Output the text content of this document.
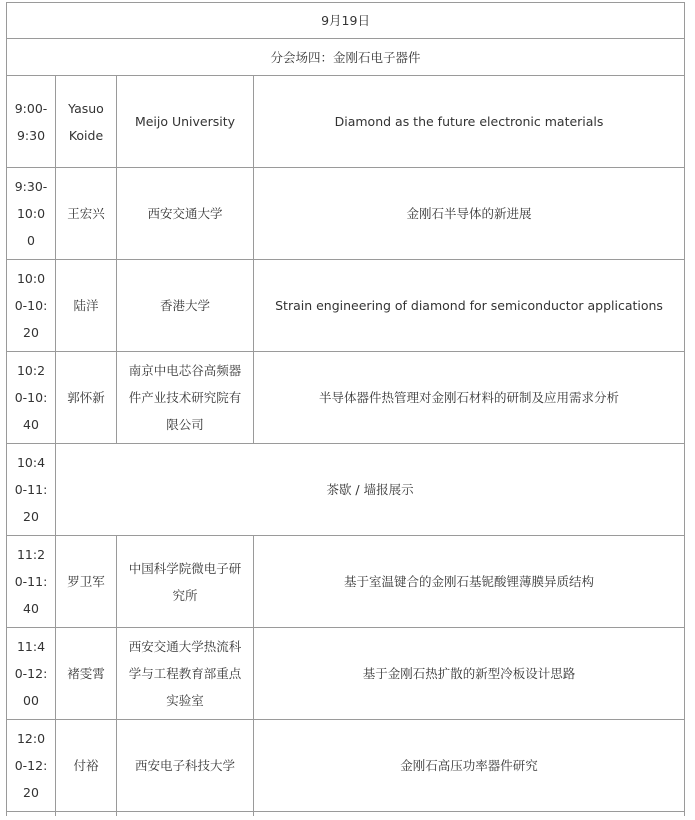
9月19日			
分会场四：金刚石电子器件			
9:00-9:30	Yasuo Koide	Meijo University	Diamond as the future electronic materials
9:30-10:00	王宏兴	西安交通大学	金刚石半导体的新进展
10:00-10:20	陆洋	香港大学	Strain engineering of diamond for semiconductor applications
10:20-10:40	郭怀新	南京中电芯谷高频器件产业技术研究院有限公司	半导体器件热管理对金刚石材料的研制及应用需求分析
10:40-11:20	茶歇 / 墙报展示		
11:20-11:40	罗卫军	中国科学院微电子研究所	基于室温键合的金刚石基铌酸锂薄膜异质结构
11:40-12:00	褚雯霄	西安交通大学热流科学与工程教育部重点实验室	基于金刚石热扩散的新型冷板设计思路
12:00-12:20	付裕	西安电子科技大学	金刚石高压功率器件研究
